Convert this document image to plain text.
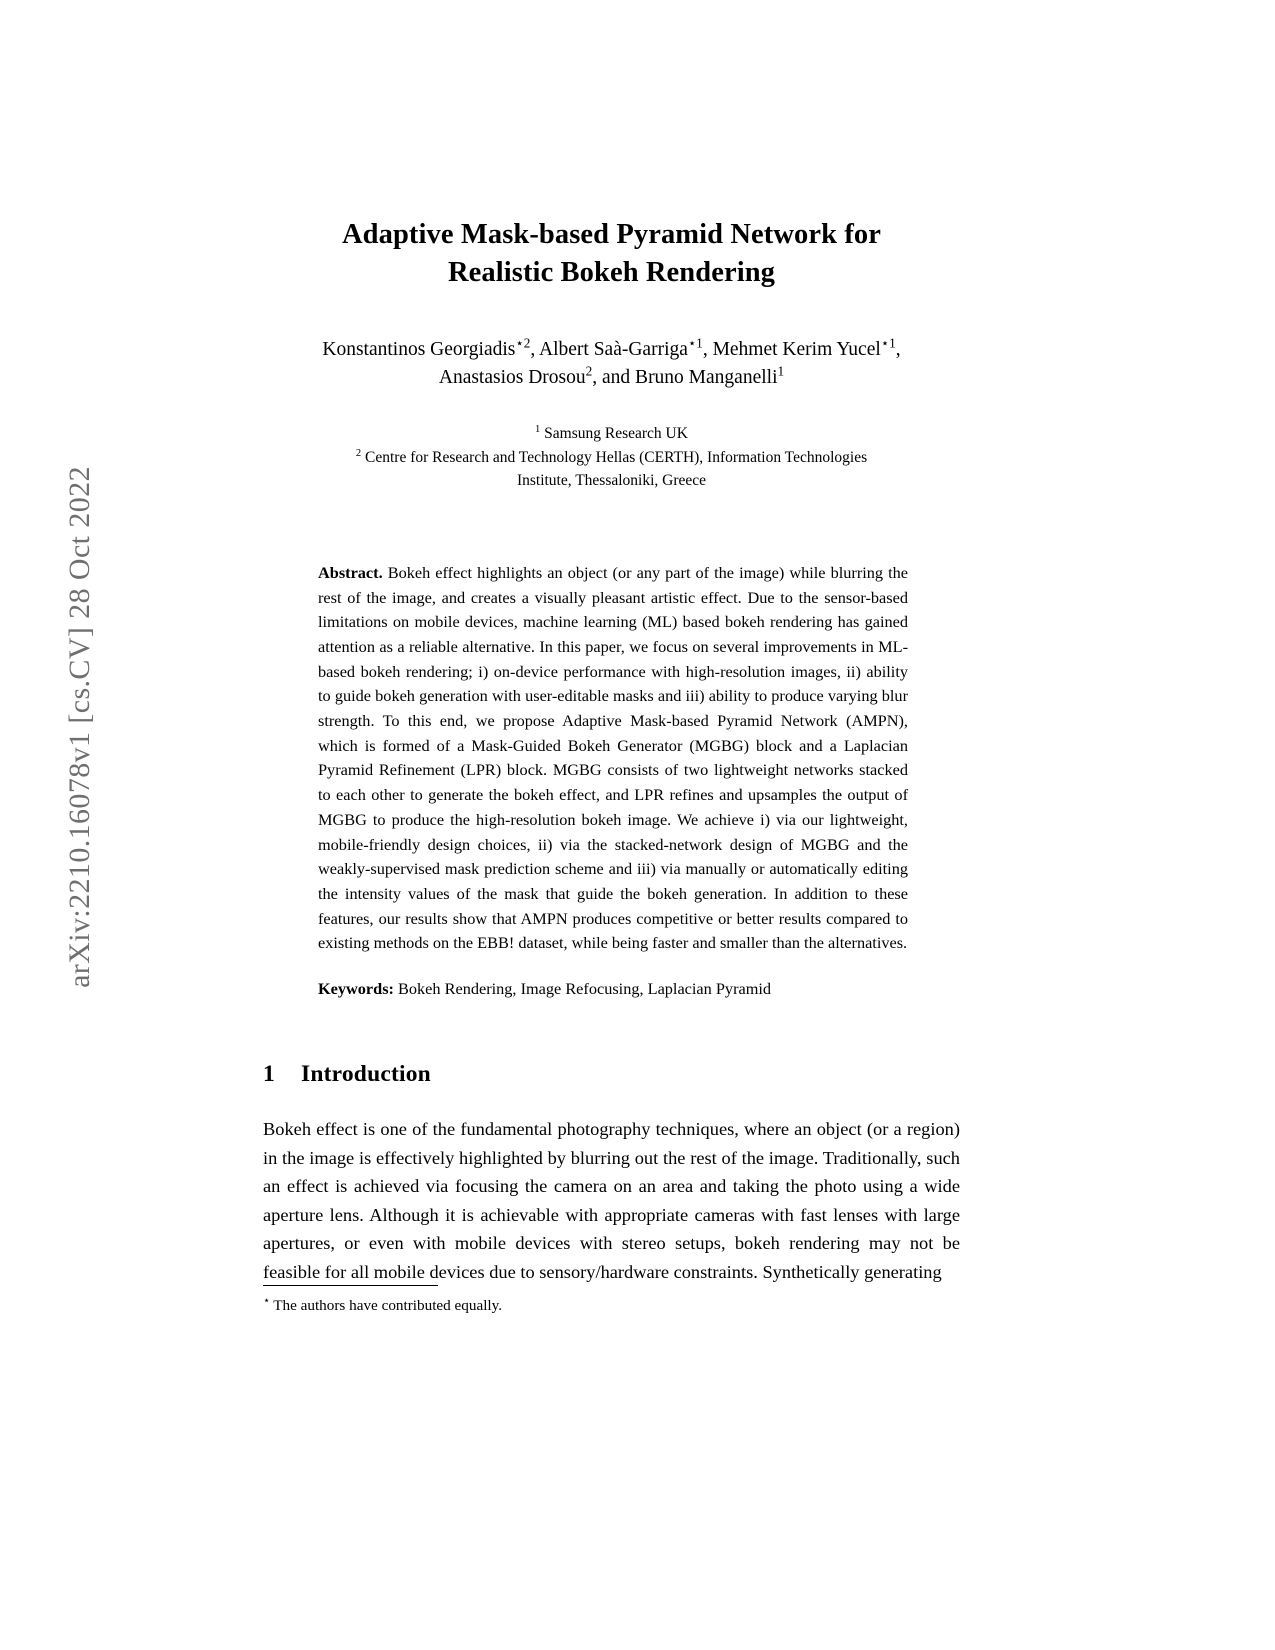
arXiv:2210.16078v1 [cs.CV] 28 Oct 2022
Adaptive Mask-based Pyramid Network for
Realistic Bokeh Rendering
Konstantinos Georgiadis$^{⋆2}$, Albert Saà-Garriga$^{⋆1}$, Mehmet Kerim Yucel$^{⋆1}$,
Anastasios Drosou$^2$, and Bruno Manganelli$^1$
$^1$ Samsung Research UK
$^2$ Centre for Research and Technology Hellas (CERTH), Information Technologies
Institute, Thessaloniki, Greece
Abstract. Bokeh effect highlights an object (or any part of the image) while blurring the rest of the image, and creates a visually pleasant artistic effect. Due to the sensor-based limitations on mobile devices, machine learning (ML) based bokeh rendering has gained attention as a reliable alternative. In this paper, we focus on several improvements in ML-based bokeh rendering; i) on-device performance with high-resolution images, ii) ability to guide bokeh generation with user-editable masks and iii) ability to produce varying blur strength. To this end, we propose Adaptive Mask-based Pyramid Network (AMPN), which is formed of a Mask-Guided Bokeh Generator (MGBG) block and a Laplacian Pyramid Refinement (LPR) block. MGBG consists of two lightweight networks stacked to each other to generate the bokeh effect, and LPR refines and upsamples the output of MGBG to produce the high-resolution bokeh image. We achieve i) via our lightweight, mobile-friendly design choices, ii) via the stacked-network design of MGBG and the weakly-supervised mask prediction scheme and iii) via manually or automatically editing the intensity values of the mask that guide the bokeh generation. In addition to these features, our results show that AMPN produces competitive or better results compared to existing methods on the EBB! dataset, while being faster and smaller than the alternatives.
Keywords: Bokeh Rendering, Image Refocusing, Laplacian Pyramid
1 Introduction

Bokeh effect is one of the fundamental photography techniques, where an object (or a region) in the image is effectively highlighted by blurring out the rest of the image. Traditionally, such an effect is achieved via focusing the camera on an area and taking the photo using a wide aperture lens. Although it is achievable with appropriate cameras with fast lenses with large apertures, or even with mobile devices with stereo setups, bokeh rendering may not be feasible for all mobile devices due to sensory/hardware constraints. Synthetically generating

⋆ The authors have contributed equally.
